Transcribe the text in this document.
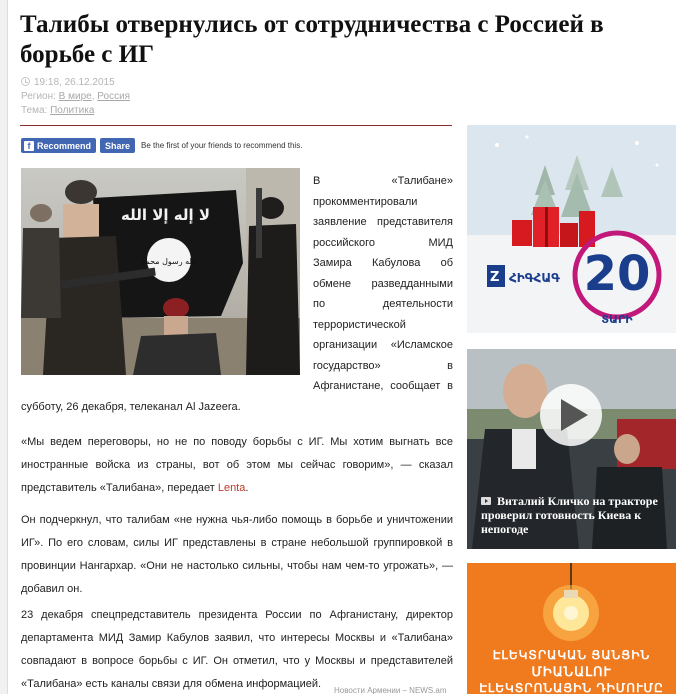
Талибы отвернулись от сотрудничества с Россией в борьбе с ИГ
19:18, 26.12.2015
Регион: В мире, Россия
Тема: Политика
f Recommend	Share	Be the first of your friends to recommend this.
لا إله إلا الله
الله رسول محمد
В «Талибане»
прокомментировали
заявление представителя
российского МИД
Замира Кабулова об
обмене разведданными
по деятельности
террористической
организации «Исламское
государство» в
Афганистане, сообщает в
субботу, 26 декабря, телеканал Al Jazeera.

«Мы ведем переговоры, но не по поводу борьбы с ИГ. Мы хотим выгнать все иностранные войска из страны, вот об этом мы сейчас говорим», — сказал представитель «Талибана», передает Lenta.

Он подчеркнул, что талибам «не нужна чья-либо помощь в борьбе и уничтожении ИГ». По его словам, силы ИГ представлены в стране небольшой группировкой в провинции Нангархар. «Они не настолько сильны, чтобы нам чем-то угрожать», — добавил он.

23 декабря спецпредставитель президента России по Афганистану, директор департамента МИД Замир Кабулов заявил, что интересы Москвы и «Талибана» совпадают в вопросе борьбы с ИГ. Он отметил, что у Москвы и представителей «Талибана» есть каналы связи для обмена информацией.

Новости Армении – NEWS.am
Z ՀԻԳՀԱԳ 20
ՏԱՐԻ
Виталий Кличко на тракторе проверил готовность Киева к непогоде
ԷԼԵԿՏՐԱԿԱՆ ՑԱՆՑԻՆ
ՄԻԱՆԱԼՈՒ
ԷԼԵԿՏՐՈՆԱՅԻՆ ԴԻՄՈՒՄԸ
